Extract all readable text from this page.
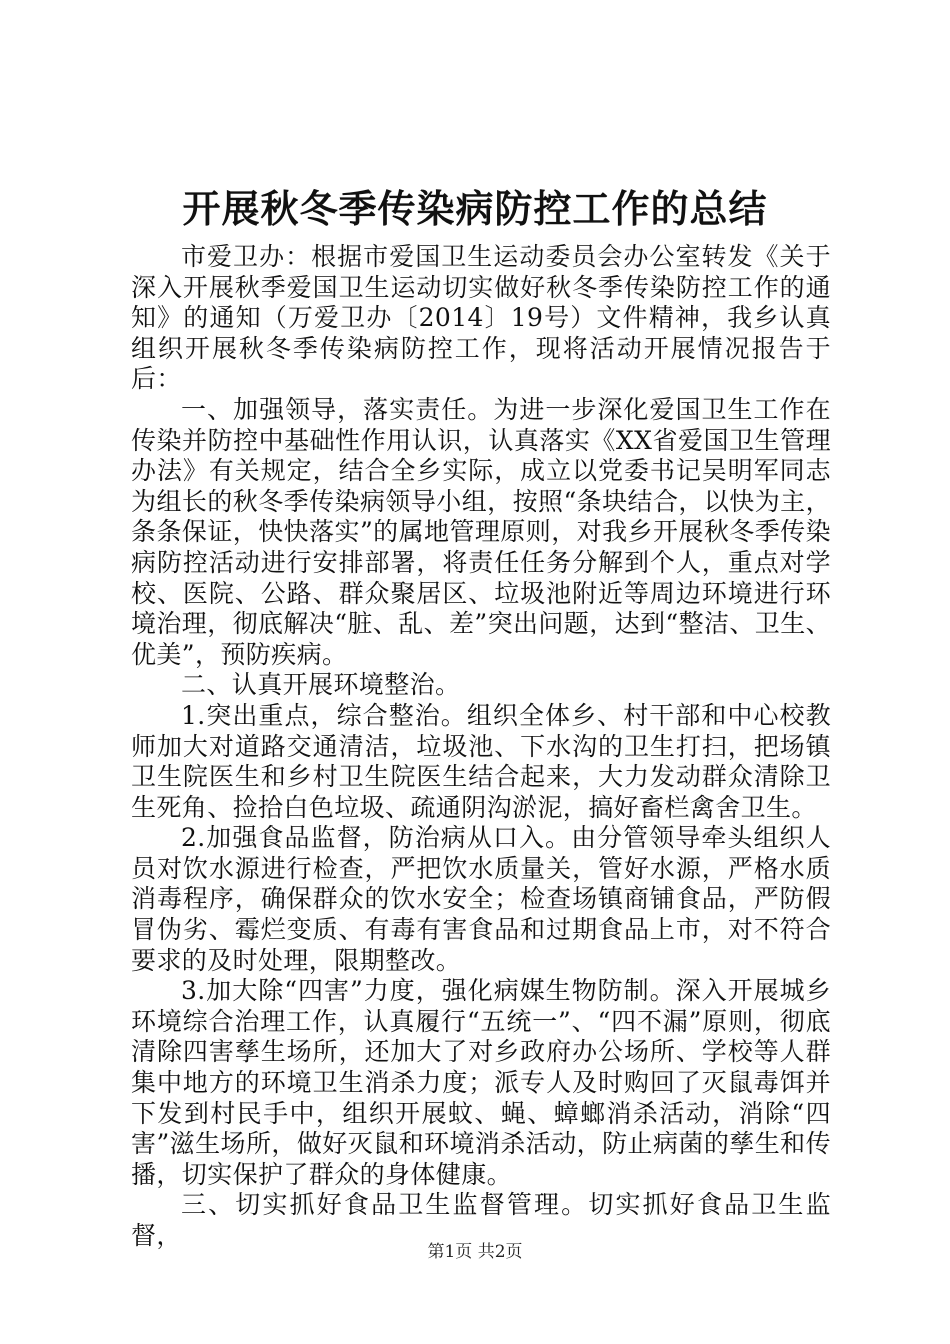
开展秋冬季传染病防控工作的总结

市爱卫办：根据市爱国卫生运动委员会办公室转发《关于深入开展秋季爱国卫生运动切实做好秋冬季传染防控工作的通知》的通知（万爱卫办〔2014〕19号）文件精神，我乡认真组织开展秋冬季传染病防控工作，现将活动开展情况报告于后：

一、加强领导，落实责任。为进一步深化爱国卫生工作在传染并防控中基础性作用认识，认真落实《XX省爱国卫生管理办法》有关规定，结合全乡实际，成立以党委书记吴明军同志为组长的秋冬季传染病领导小组，按照“条块结合，以快为主，条条保证，快快落实”的属地管理原则，对我乡开展秋冬季传染病防控活动进行安排部署，将责任任务分解到个人，重点对学校、医院、公路、群众聚居区、垃圾池附近等周边环境进行环境治理，彻底解决“脏、乱、差”突出问题，达到“整洁、卫生、优美”，预防疾病。

二、认真开展环境整治。

1.突出重点，综合整治。组织全体乡、村干部和中心校教师加大对道路交通清洁，垃圾池、下水沟的卫生打扫，把场镇卫生院医生和乡村卫生院医生结合起来，大力发动群众清除卫生死角、捡拾白色垃圾、疏通阴沟淤泥，搞好畜栏禽舍卫生。

2.加强食品监督，防治病从口入。由分管领导牵头组织人员对饮水源进行检查，严把饮水质量关，管好水源，严格水质消毒程序，确保群众的饮水安全；检查场镇商铺食品，严防假冒伪劣、霉烂变质、有毒有害食品和过期食品上市，对不符合要求的及时处理，限期整改。

3.加大除“四害”力度，强化病媒生物防制。深入开展城乡环境综合治理工作，认真履行“五统一”、“四不漏”原则，彻底清除四害孳生场所，还加大了对乡政府办公场所、学校等人群集中地方的环境卫生消杀力度；派专人及时购回了灭鼠毒饵并下发到村民手中，组织开展蚊、蝇、蟑螂消杀活动，消除“四害”滋生场所，做好灭鼠和环境消杀活动，防止病菌的孳生和传播，切实保护了群众的身体健康。

三、切实抓好食品卫生监督管理。切实抓好食品卫生监督，

第1页 共2页
